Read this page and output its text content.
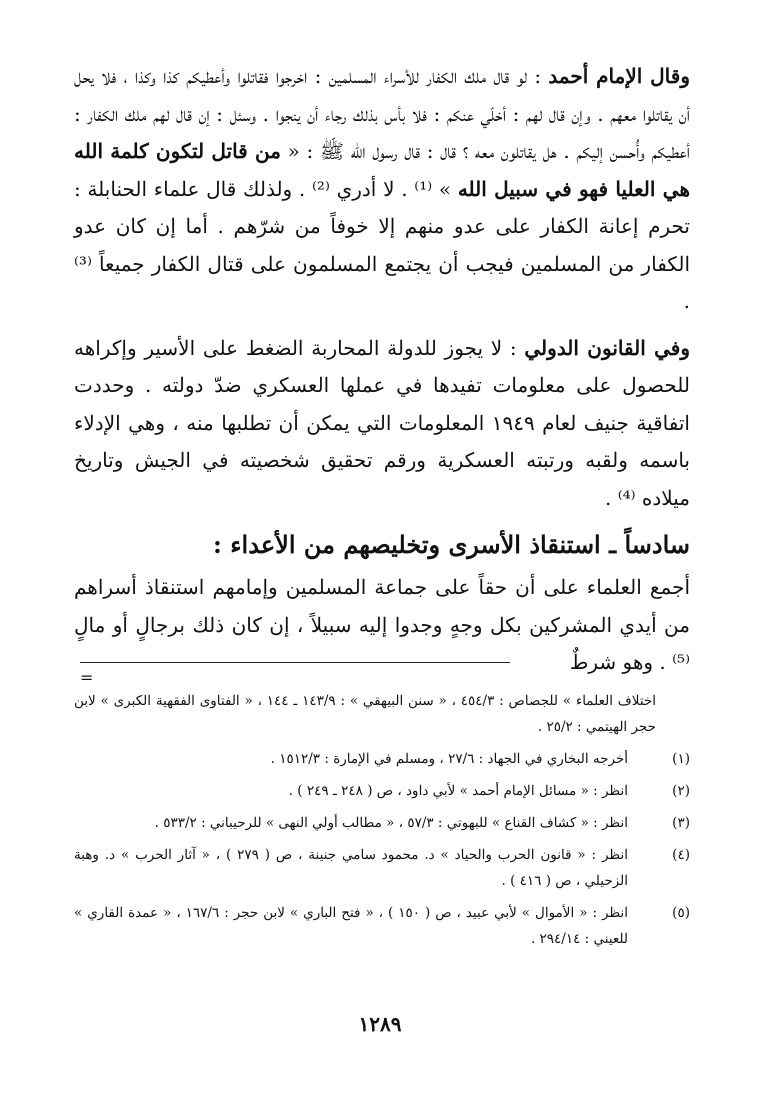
وقال الإمام أحمد : لو قال ملك الكفار للأسراء المسلمين : اخرجوا فقاتلوا وأعطيكم كذا وكذا ، فلا يحل أن يقاتلوا معهم . وإن قال لهم : أخلّي عنكم : فلا بأس بذلك رجاء أن ينجوا . وسئل : إن قال لهم ملك الكفار : أعطيكم وأُحسن إليكم . هل يقاتلون معه ؟ قال : قال رسول الله ﷺ : « من قاتل لتكون كلمة الله هي العليا فهو في سبيل الله » ⁽¹⁾ . لا أدري ⁽²⁾ . ولذلك قال علماء الحنابلة : تحرم إعانة الكفار على عدو منهم إلا خوفاً من شرّهم . أما إن كان عدو الكفار من المسلمين فيجب أن يجتمع المسلمون على قتال الكفار جميعاً ⁽³⁾ .

وفي القانون الدولي : لا يجوز للدولة المحاربة الضغط على الأسير وإكراهه للحصول على معلومات تفيدها في عملها العسكري ضدّ دولته . وحددت اتفاقية جنيف لعام ١٩٤٩ المعلومات التي يمكن أن تطلبها منه ، وهي الإدلاء باسمه ولقبه ورتبته العسكرية ورقم تحقيق شخصيته في الجيش وتاريخ ميلاده ⁽⁴⁾ .

سادساً ـ استنقاذ الأسرى وتخليصهم من الأعداء :

أجمع العلماء على أن حقاً على جماعة المسلمين وإمامهم استنقاذ أسراهم من أيدي المشركين بكل وجهٍ وجدوا إليه سبيلاً ، إن كان ذلك برجالٍ أو مالٍ ⁽⁵⁾ . وهو شرطٌ

=
اختلاف العلماء » للجصاص : ٤٥٤/٣ ، « سنن البيهقي » : ١٤٣/٩ ـ ١٤٤ ، « الفتاوى الفقهية الكبرى » لابن حجر الهيتمي : ٢٥/٢ .
(١)
أخرجه البخاري في الجهاد : ٢٧/٦ ، ومسلم في الإمارة : ١٥١٢/٣ .
(٢)
انظر : « مسائل الإمام أحمد » لأبي داود ، ص ( ٢٤٨ ـ ٢٤٩ ) .
(٣)
انظر : « كشاف القناع » للبهوتي : ٥٧/٣ ، « مطالب أولي النهى » للرحيباني : ٥٣٣/٢ .
(٤)
انظر : « قانون الحرب والحياد » د. محمود سامي جنينة ، ص ( ٢٧٩ ) ، « آثار الحرب » د. وهبة الزحيلي ، ص ( ٤١٦ ) .
(٥)
انظر : « الأموال » لأبي عبيد ، ص ( ١٥٠ ) ، « فتح الباري » لابن حجر : ١٦٧/٦ ، « عمدة القاري » للعيني : ٢٩٤/١٤ .
١٢٨٩
